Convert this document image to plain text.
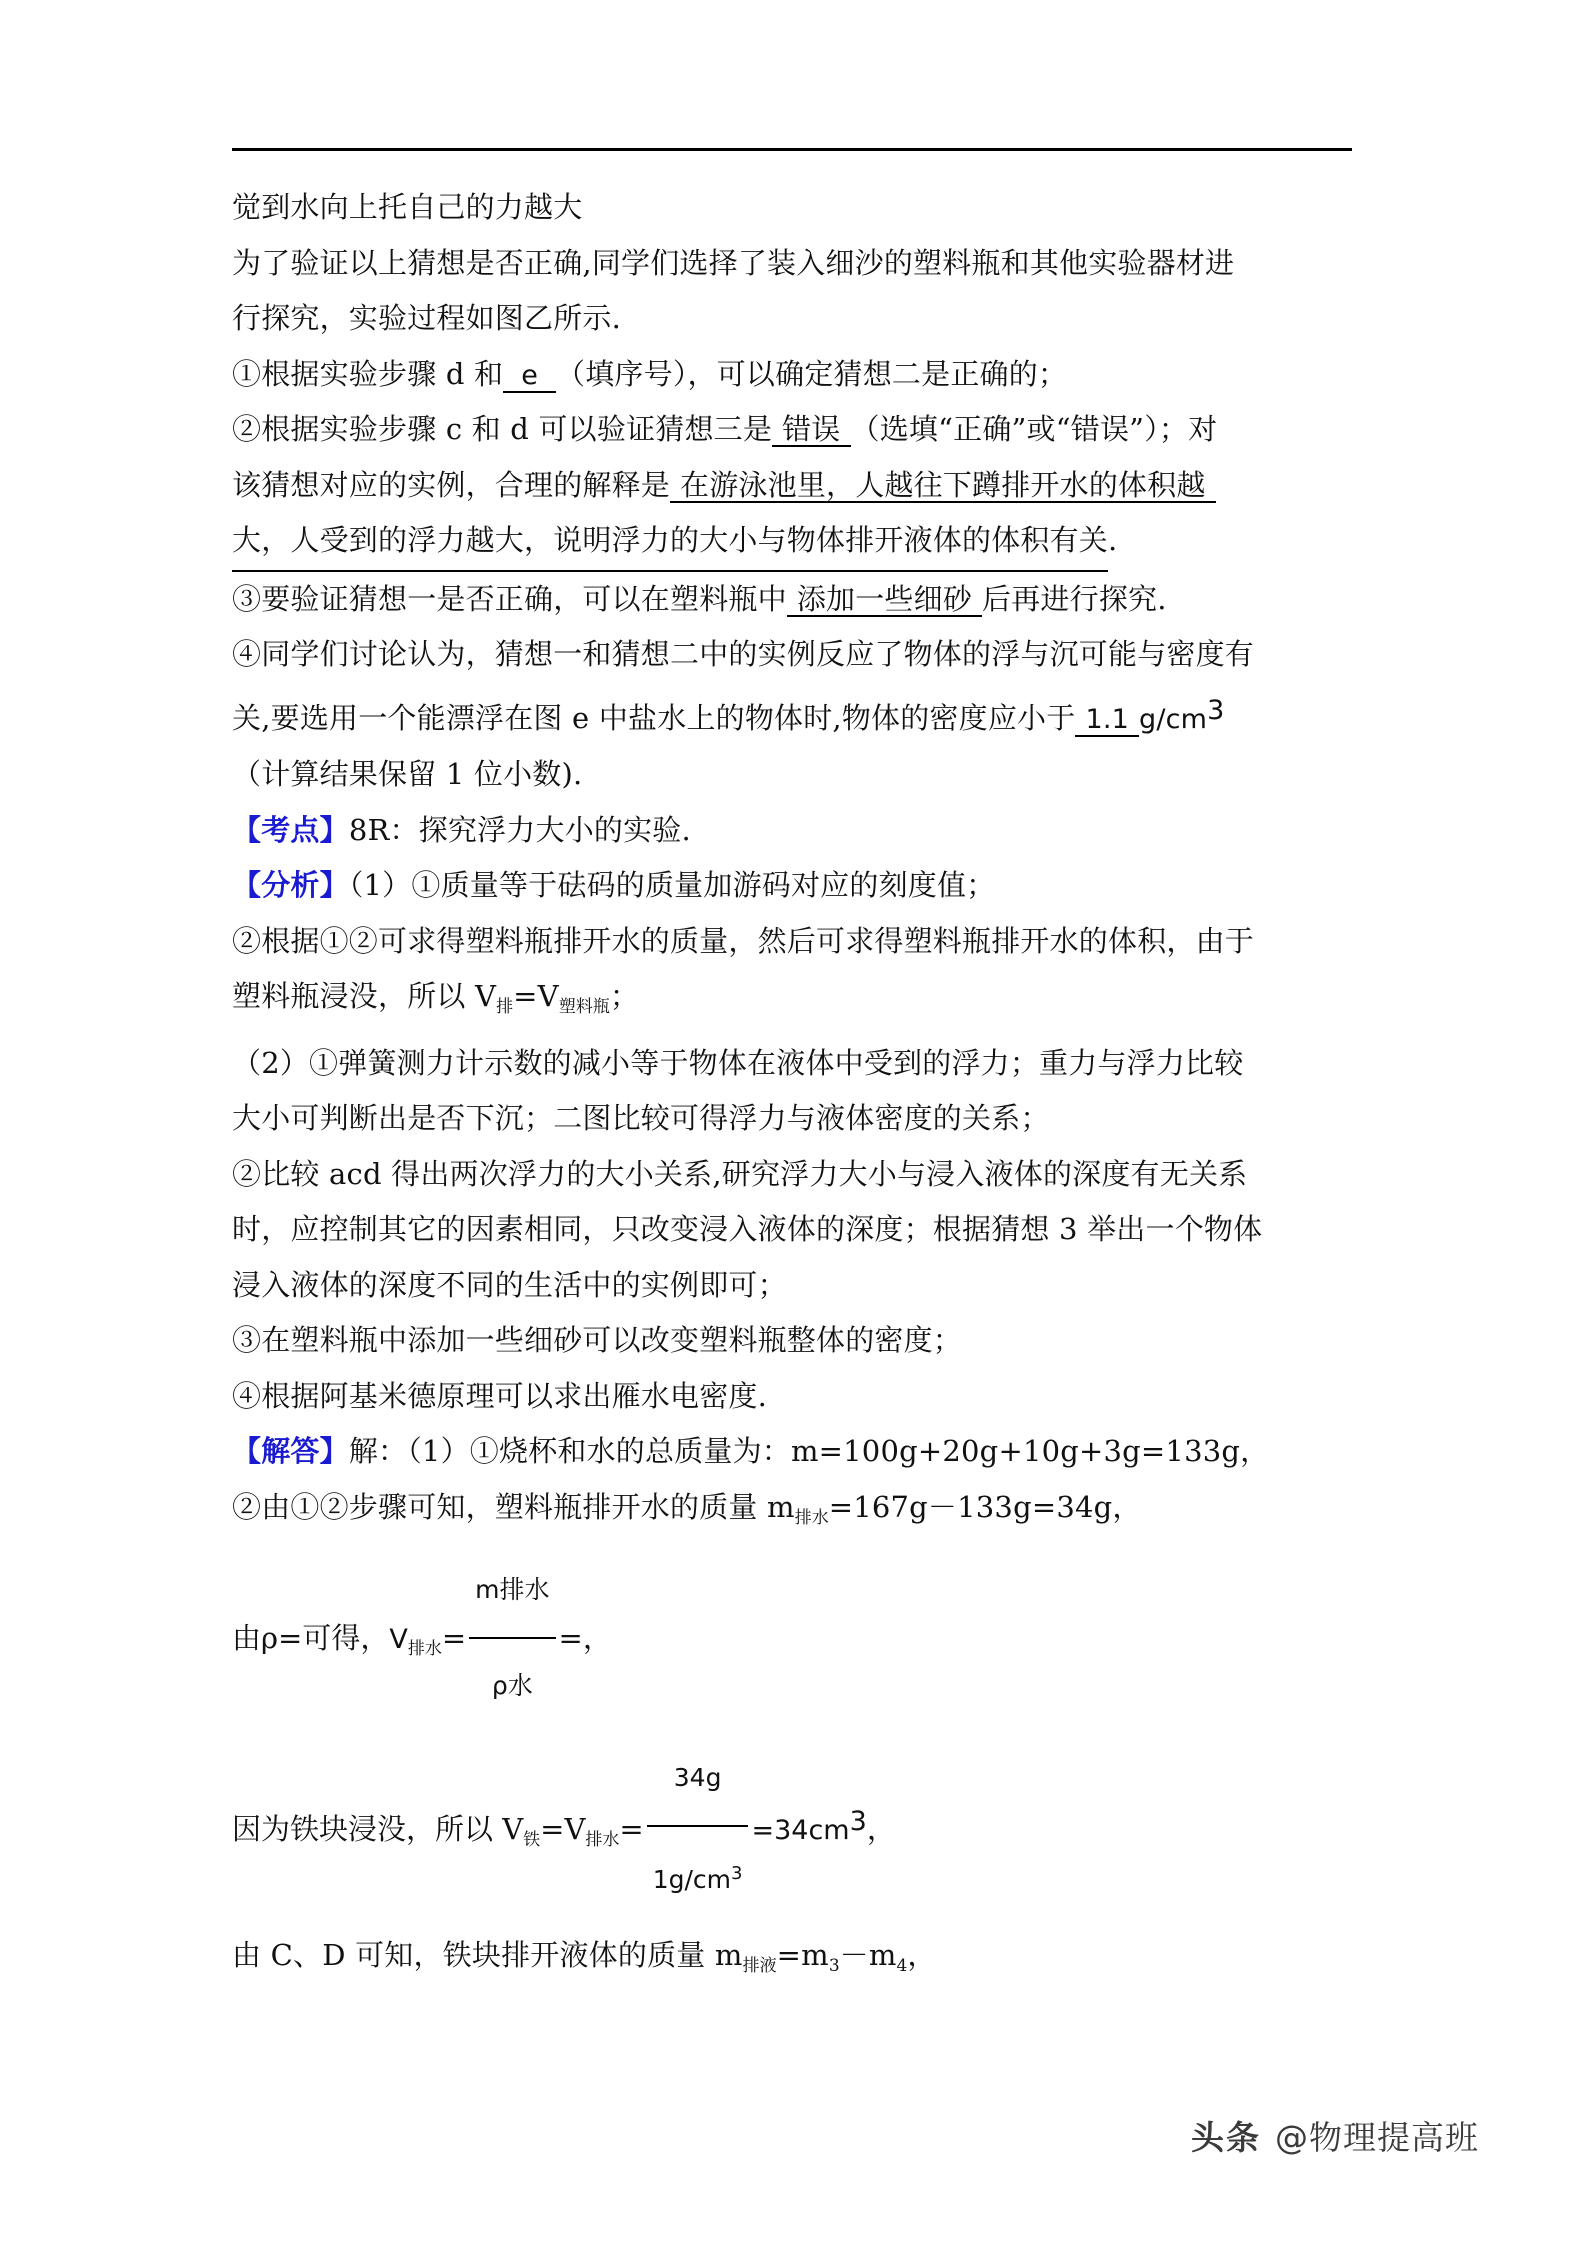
觉到水向上托自己的力越大

为了验证以上猜想是否正确,同学们选择了装入细沙的塑料瓶和其他实验器材进

行探究，实验过程如图乙所示.

①根据实验步骤 d 和 e （填序号），可以确定猜想二是正确的；

②根据实验步骤 c 和 d 可以验证猜想三是 错误 （选填“正确”或“错误”）；对

该猜想对应的实例，合理的解释是 在游泳池里，人越往下蹲排开水的体积越

大，人受到的浮力越大，说明浮力的大小与物体排开液体的体积有关.

③要验证猜想一是否正确，可以在塑料瓶中 添加一些细砂 后再进行探究.

④同学们讨论认为，猜想一和猜想二中的实例反应了物体的浮与沉可能与密度有

关,要选用一个能漂浮在图 e 中盐水上的物体时,物体的密度应小于 1.1 g/cm3

（计算结果保留 1 位小数).

【考点】8R：探究浮力大小的实验.

【分析】（1）①质量等于砝码的质量加游码对应的刻度值；

②根据①②可求得塑料瓶排开水的质量，然后可求得塑料瓶排开水的体积，由于

塑料瓶浸没，所以 $V_排=V_{塑料瓶}$；

（2）①弹簧测力计示数的减小等于物体在液体中受到的浮力；重力与浮力比较

大小可判断出是否下沉；二图比较可得浮力与液体密度的关系；

②比较 acd 得出两次浮力的大小关系,研究浮力大小与浸入液体的深度有无关系

时，应控制其它的因素相同，只改变浸入液体的深度；根据猜想 3 举出一个物体

浸入液体的深度不同的生活中的实例即可；

③在塑料瓶中添加一些细砂可以改变塑料瓶整体的密度；

④根据阿基米德原理可以求出雁水电密度.

【解答】解：（1）①烧杯和水的总质量为：m=100g+20g+10g+3g=133g，

②由①②步骤可知，塑料瓶排开水的质量 $m_{排水}=167g-133g=34g$，

由ρ=可得，$V_{排水}= \frac{\text{m排水}}{\text{ρ水}}$ =，

因为铁块浸没，所以 $V_铁=V_{排水}= \frac{34g}{1g/cm^3} =34cm3$，

由 C、D 可知，铁块排开液体的质量 $m_{排液}=m_3-m_4$，

头条 @物理提高班
